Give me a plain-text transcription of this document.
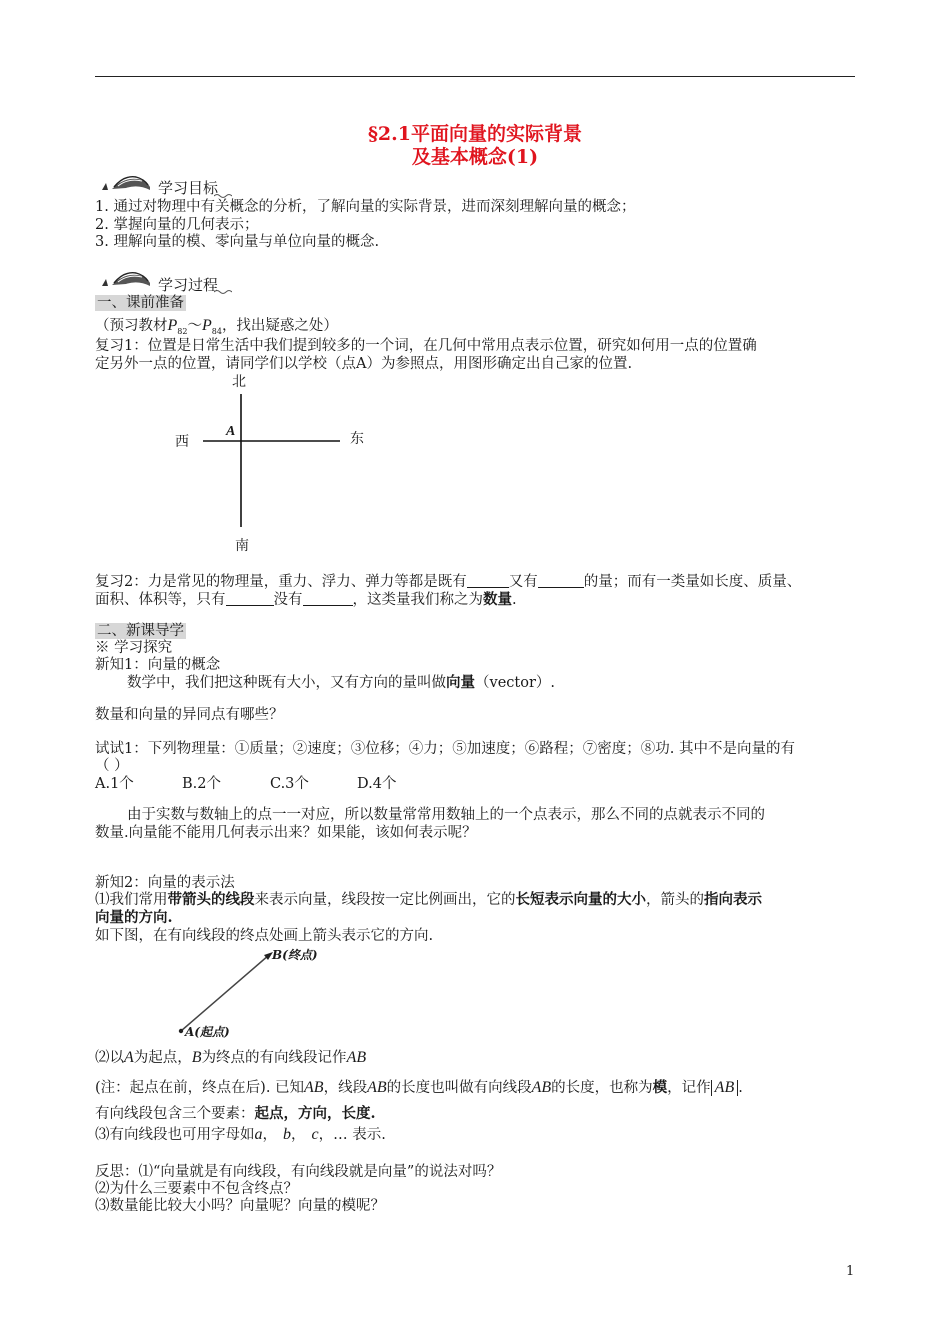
§2.1平面向量的实际背景
及基本概念(1)
学习目标
1. 通过对物理中有关概念的分析，了解向量的实际背景，进而深刻理解向量的概念；
2. 掌握向量的几何表示；
3. 理解向量的模、零向量与单位向量的概念.
学习过程
一、课前准备
（预习教材$P_{82}\sim P_{84}$，找出疑惑之处）
复习1：位置是日常生活中我们提到较多的一个词，在几何中常用点表示位置，研究如何用一点的位置确
定另外一点的位置，请同学们以学校（点A）为参照点，用图形确定出自己家的位置.
北
西	东
南
A
复习2：力是常见的物理量，重力、浮力、弹力等都是既有	又有	的量；而有一类量如长度、质量、
面积、体积等，只有	没有	，这类量我们称之为数量.
二、新课导学
※ 学习探究
新知1：向量的概念
数学中，我们把这种既有大小，又有方向的量叫做向量（vector）.
数量和向量的异同点有哪些？
试试1：下列物理量：①质量；②速度；③位移；④力；⑤加速度；⑥路程；⑦密度；⑧功. 其中不是向量的有
（ ）
A.1个	B.2个	C.3个	D.4个
由于实数与数轴上的点一一对应，所以数量常常用数轴上的一个点表示，那么不同的点就表示不同的
数量.向量能不能用几何表示出来？如果能，该如何表示呢？
新知2：向量的表示法
⑴我们常用带箭头的线段来表示向量，线段按一定比例画出，它的长短表示向量的大小，箭头的指向表示
向量的方向.
如下图，在有向线段的终点处画上箭头表示它的方向.
B(终点)
A(起点)
⑵以A为起点，B为终点的有向线段记作AB
(注：起点在前，终点在后). 已知AB，线段AB的长度也叫做有向线段AB的长度，也称为模，记作 AB .
有向线段包含三个要素：起点，方向，长度.
⑶有向线段也可用字母如a， b， c，… 表示.
反思：⑴“向量就是有向线段，有向线段就是向量”的说法对吗？
⑵为什么三要素中不包含终点？
⑶数量能比较大小吗？向量呢？向量的模呢？
1
